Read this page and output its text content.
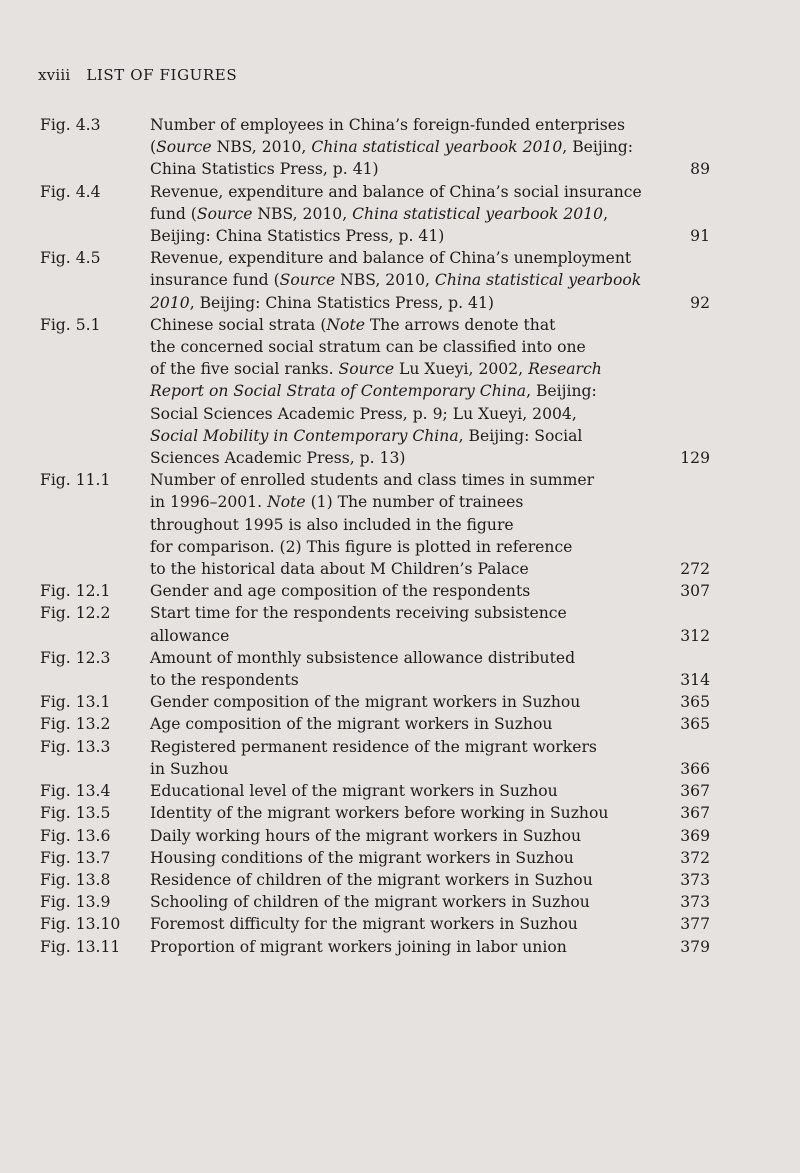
xviii LIST OF FIGURES
Fig. 4.3	Number of employees in China’s foreign-funded enterprises
(Source NBS, 2010, China statistical yearbook 2010, Beijing:
China Statistics Press, p. 41)	89
Fig. 4.4	Revenue, expenditure and balance of China’s social insurance
fund (Source NBS, 2010, China statistical yearbook 2010,
Beijing: China Statistics Press, p. 41)	91
Fig. 4.5	Revenue, expenditure and balance of China’s unemployment
insurance fund (Source NBS, 2010, China statistical yearbook
2010, Beijing: China Statistics Press, p. 41)	92
Fig. 5.1	Chinese social strata (Note The arrows denote that
the concerned social stratum can be classified into one
of the five social ranks. Source Lu Xueyi, 2002, Research
Report on Social Strata of Contemporary China, Beijing:
Social Sciences Academic Press, p. 9; Lu Xueyi, 2004,
Social Mobility in Contemporary China, Beijing: Social
Sciences Academic Press, p. 13)	129
Fig. 11.1	Number of enrolled students and class times in summer
in 1996–2001. Note (1) The number of trainees
throughout 1995 is also included in the figure
for comparison. (2) This figure is plotted in reference
to the historical data about M Children’s Palace	272
Fig. 12.1	Gender and age composition of the respondents	307
Fig. 12.2	Start time for the respondents receiving subsistence
allowance	312
Fig. 12.3	Amount of monthly subsistence allowance distributed
to the respondents	314
Fig. 13.1	Gender composition of the migrant workers in Suzhou	365
Fig. 13.2	Age composition of the migrant workers in Suzhou	365
Fig. 13.3	Registered permanent residence of the migrant workers
in Suzhou	366
Fig. 13.4	Educational level of the migrant workers in Suzhou	367
Fig. 13.5	Identity of the migrant workers before working in Suzhou	367
Fig. 13.6	Daily working hours of the migrant workers in Suzhou	369
Fig. 13.7	Housing conditions of the migrant workers in Suzhou	372
Fig. 13.8	Residence of children of the migrant workers in Suzhou	373
Fig. 13.9	Schooling of children of the migrant workers in Suzhou	373
Fig. 13.10 Foremost difficulty for the migrant workers in Suzhou	377
Fig. 13.11 Proportion of migrant workers joining in labor union	379
